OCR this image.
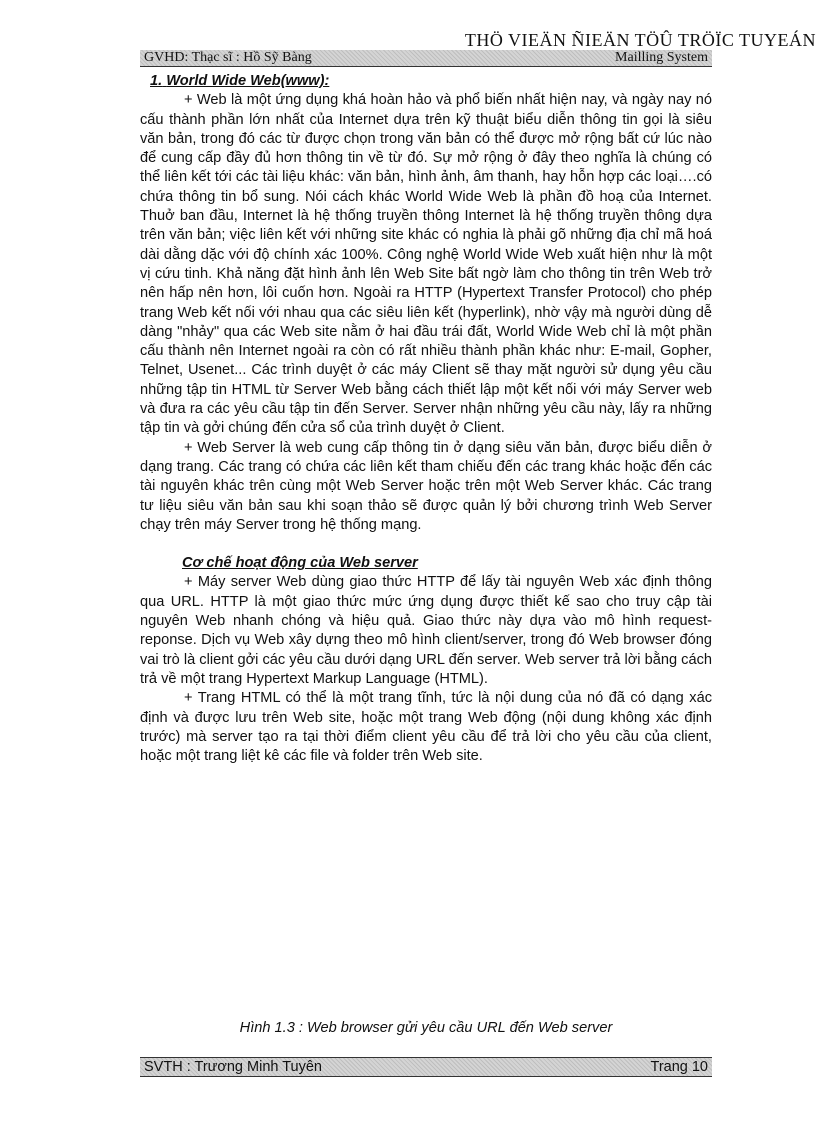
THÖ VIEÄN ÑIEÄN TÖÛ TRÖÏC TUYEÁN
GVHD: Thạc sĩ : Hồ Sỹ Bàng	Mailling System

1. World Wide Web(www):

+ Web là một ứng dụng khá hoàn hảo và phổ biến nhất hiện nay, và ngày nay nó cấu thành phần lớn nhất của Internet dựa trên kỹ thuật biểu diễn thông tin gọi là siêu văn bản, trong đó các từ được chọn trong văn bản có thể được mở rộng bất cứ lúc nào để cung cấp đầy đủ hơn thông tin về từ đó. Sự mở rộng ở đây theo nghĩa là chúng có thể liên kết tới các tài liệu khác: văn bản, hình ảnh, âm thanh, hay hỗn hợp các loại….có chứa thông tin bổ sung. Nói cách khác World Wide Web là phần đồ hoạ của Internet. Thuở ban đầu, Internet là hệ thống truyền thông Internet là hệ thống truyền thông dựa trên văn bản; việc liên kết với những site khác có nghia là phải gõ những địa chỉ mã hoá dài dằng dặc với độ chính xác 100%. Công nghệ World Wide Web xuất hiện như là một vị cứu tinh. Khả năng đặt hình ảnh lên Web Site bất ngờ làm cho thông tin trên Web trở nên hấp nên hơn, lôi cuốn hơn. Ngoài ra HTTP (Hypertext Transfer Protocol) cho phép trang Web kết nối với nhau qua các siêu liên kết (hyperlink), nhờ vậy mà người dùng dễ dàng "nhảy" qua các Web site nằm ở hai đầu trái đất, World Wide Web chỉ là một phần cấu thành nên Internet ngoài ra còn có rất nhiều thành phần khác như: E-mail, Gopher, Telnet, Usenet... Các trình duyệt ở các máy Client sẽ thay mặt người sử dụng yêu cầu những tập tin HTML từ Server Web bằng cách thiết lập một kết nối với máy Server web và đưa ra các yêu cầu tập tin đến Server. Server nhận những yêu cầu này, lấy ra những tập tin và gởi chúng đến cửa sổ của trình duyệt ở Client.

+ Web Server là web cung cấp thông tin ở dạng siêu văn bản, được biểu diễn ở dạng trang. Các trang có chứa các liên kết tham chiếu đến các trang khác hoặc đến các tài nguyên khác trên cùng một Web Server hoặc trên một Web Server khác. Các trang tư liệu siêu văn bản sau khi soạn thảo sẽ được quản lý bởi chương trình Web Server chạy trên máy Server trong hệ thống mạng.

Cơ chế hoạt động của Web server

+ Máy server Web dùng giao thức HTTP để lấy tài nguyên Web xác định thông qua URL. HTTP là một giao thức mức ứng dụng được thiết kế sao cho truy cập tài nguyên Web nhanh chóng và hiệu quả. Giao thức này dựa vào mô hình request-reponse. Dịch vụ Web xây dựng theo mô hình client/server, trong đó Web browser đóng vai trò là client gởi các yêu cầu dưới dạng URL đến server. Web server trả lời bằng cách trả về một trang Hypertext Markup Language (HTML).

+ Trang HTML có thể là một trang tĩnh, tức là nội dung của nó đã có dạng xác định và được lưu trên Web site, hoặc một trang Web động (nội dung không xác định trước) mà server tạo ra tại thời điểm client yêu cầu để trả lời cho yêu cầu của client, hoặc một trang liệt kê các file và folder trên Web site.

Hình 1.3 : Web browser gửi yêu cầu URL đến Web server
SVTH : Trương Minh Tuyên	Trang 10
